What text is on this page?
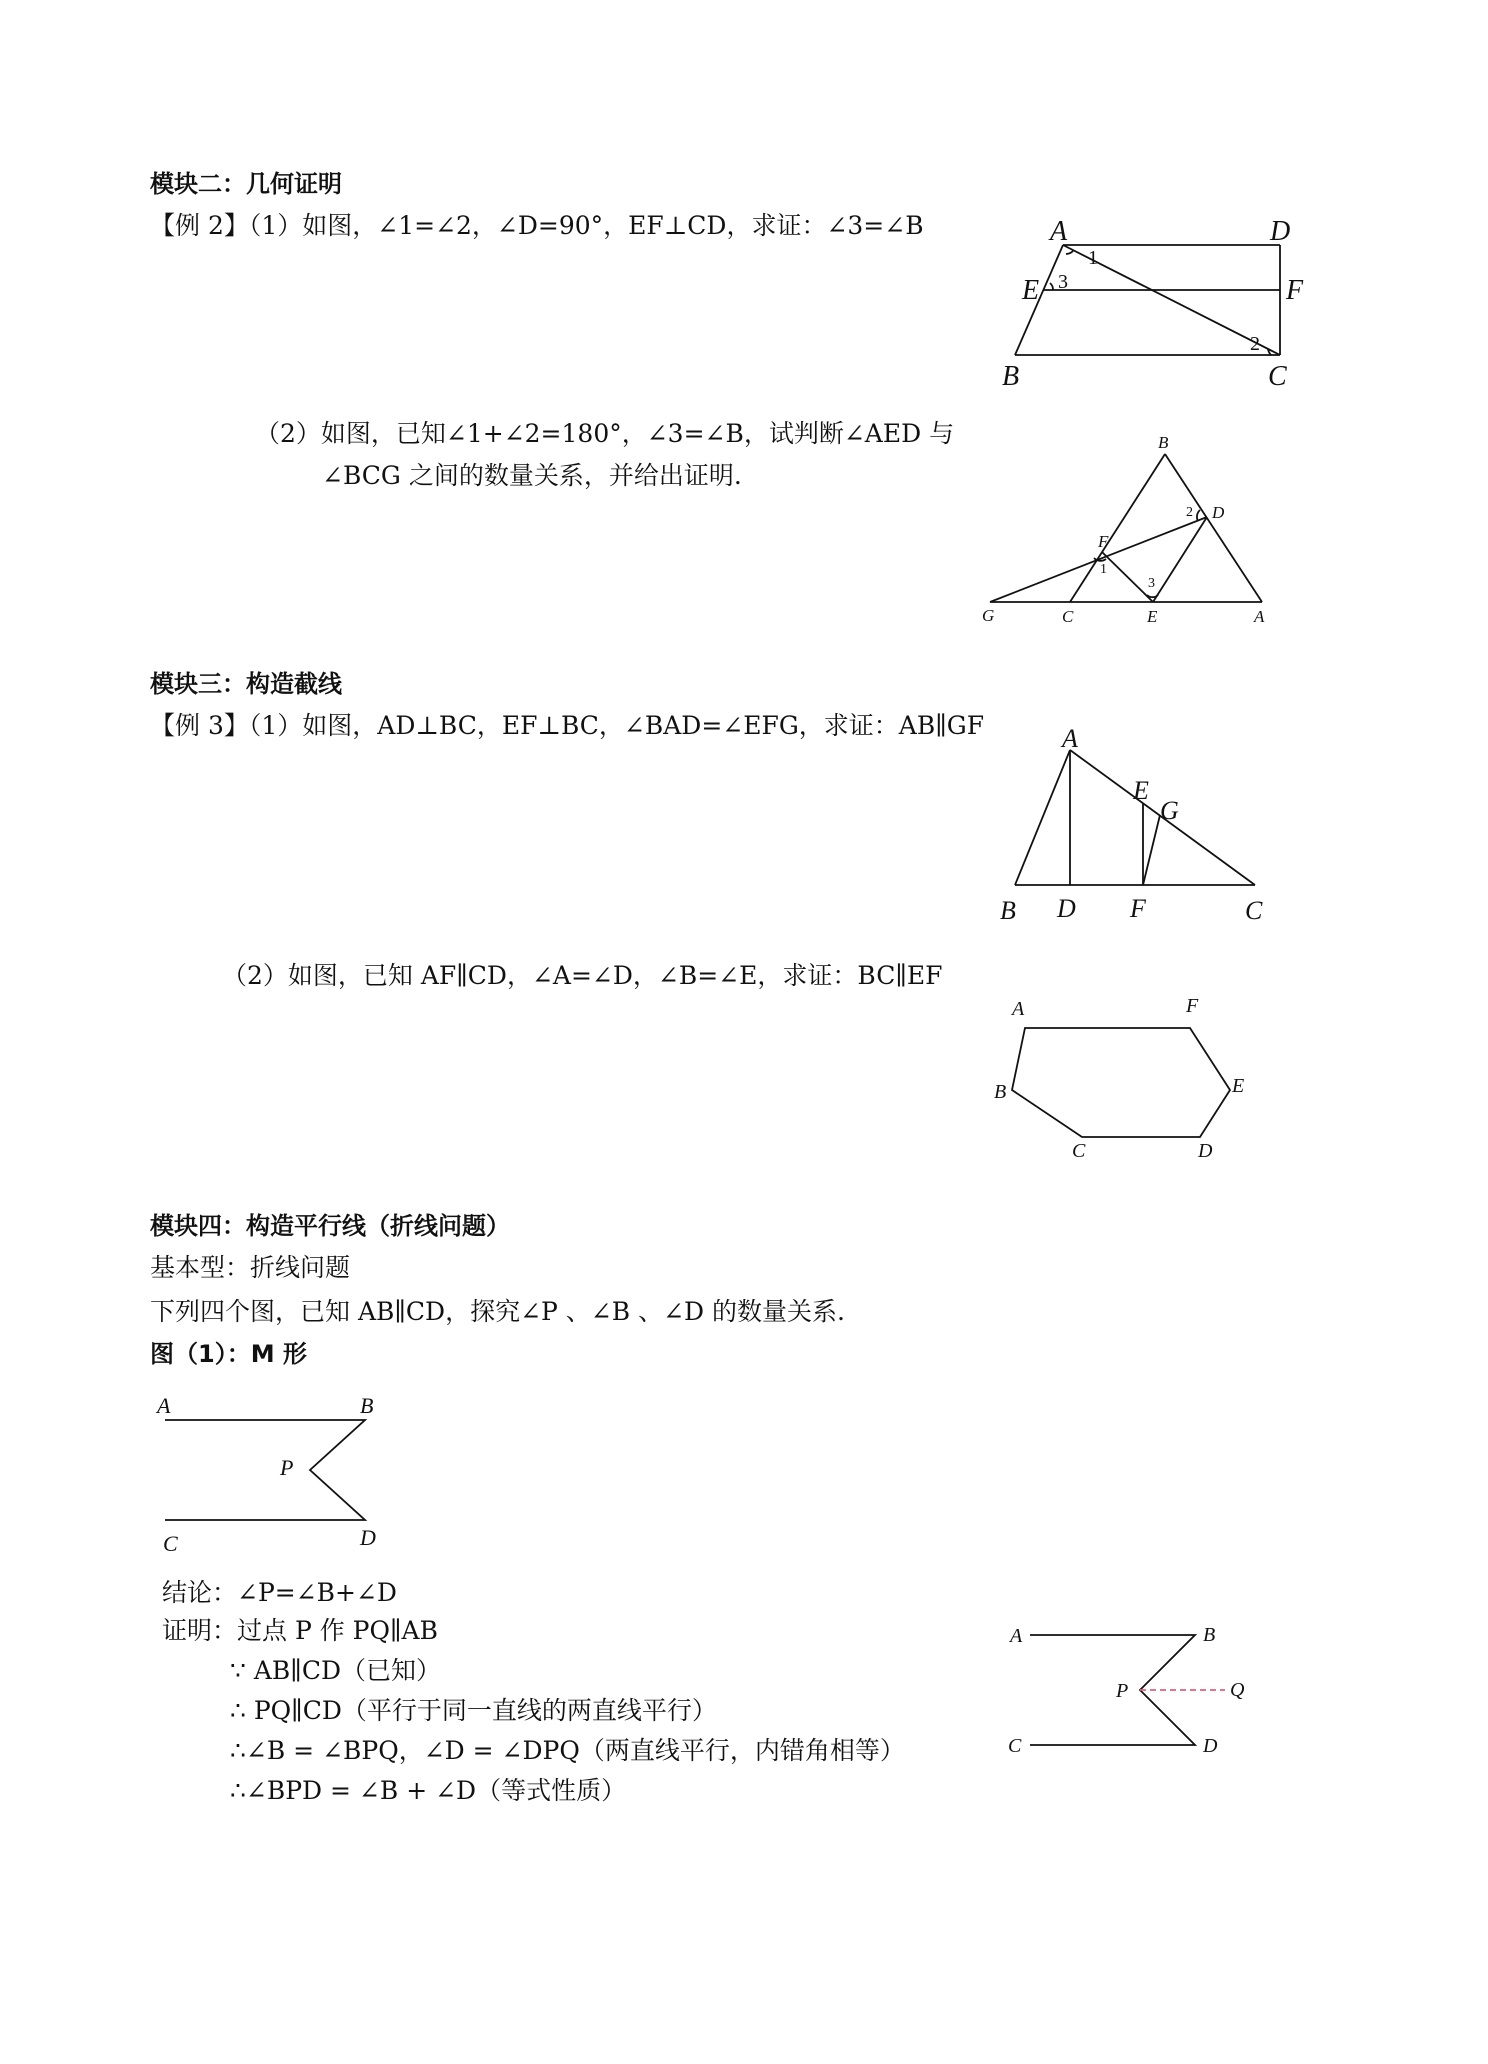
模块二：几何证明
【例 2】（1）如图，∠1=∠2，∠D=90°，EF⊥CD，求证：∠3=∠B	A	D
E	F
B	C
1
2
3
（2）如图，已知∠1+∠2=180°，∠3=∠B，试判断∠AED 与
∠BCG 之间的数量关系，并给出证明.
B
D
F
G	C	E	A
1
2
3
模块三：构造截线
【例 3】（1）如图，AD⊥BC，EF⊥BC，∠BAD=∠EFG，求证：AB∥GF	A
E
G
B D F	C
（2）如图，已知 AF∥CD，∠A=∠D，∠B=∠E，求证：BC∥EF
A	F
B	E
C	D
模块四：构造平行线（折线问题）
基本型：折线问题
下列四个图，已知 AB∥CD，探究∠P 、∠B 、∠D 的数量关系.
图（1）：M 形
A	B
P
C	D
结论：∠P=∠B+∠D
证明：过点 P 作 PQ∥AB
∵ AB∥CD（已知）
∴ PQ∥CD（平行于同一直线的两直线平行）
∴∠B = ∠BPQ，∠D = ∠DPQ（两直线平行，内错角相等）
∴∠BPD = ∠B + ∠D（等式性质）
A	B
P	Q
C	D
